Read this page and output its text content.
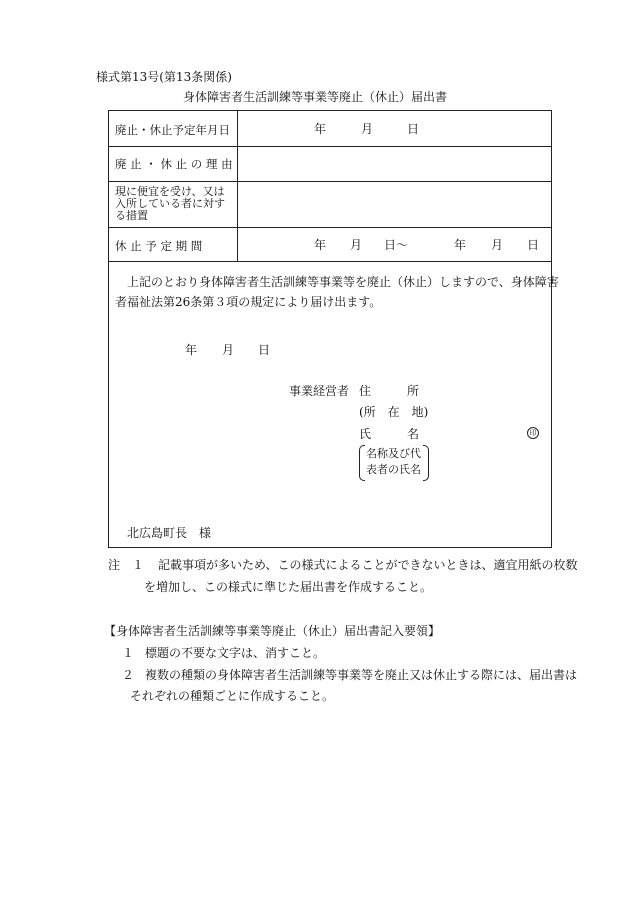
様式第13号(第13条関係)
身体障害者生活訓練等事業等廃止（休止）届出書
廃止・休止予定年月日	年	月	日
廃 止 ・ 休 止 の 理 由
現に便宜を受け、又は
入所している者に対す
る措置
休 止 予 定 期 間	年 月 日〜	年 月 日
上記のとおり身体障害者生活訓練等事業等を廃止（休止）しますので、身体障害
者福祉法第26条第３項の規定により届け出ます。
年 月 日
事業経営者 住　　　所
(所　在　地)
氏　　　名	印
名称及び代
表者の氏名
北広島町長　様
注　１ 記載事項が多いため、この様式によることができないときは、適宜用紙の枚数
を増加し、この様式に準じた届出書を作成すること。
【身体障害者生活訓練等事業等廃止（休止）届出書記入要領】
１ 標題の不要な文字は、消すこと。
２ 複数の種類の身体障害者生活訓練等事業等を廃止又は休止する際には、届出書は
それぞれの種類ごとに作成すること。
